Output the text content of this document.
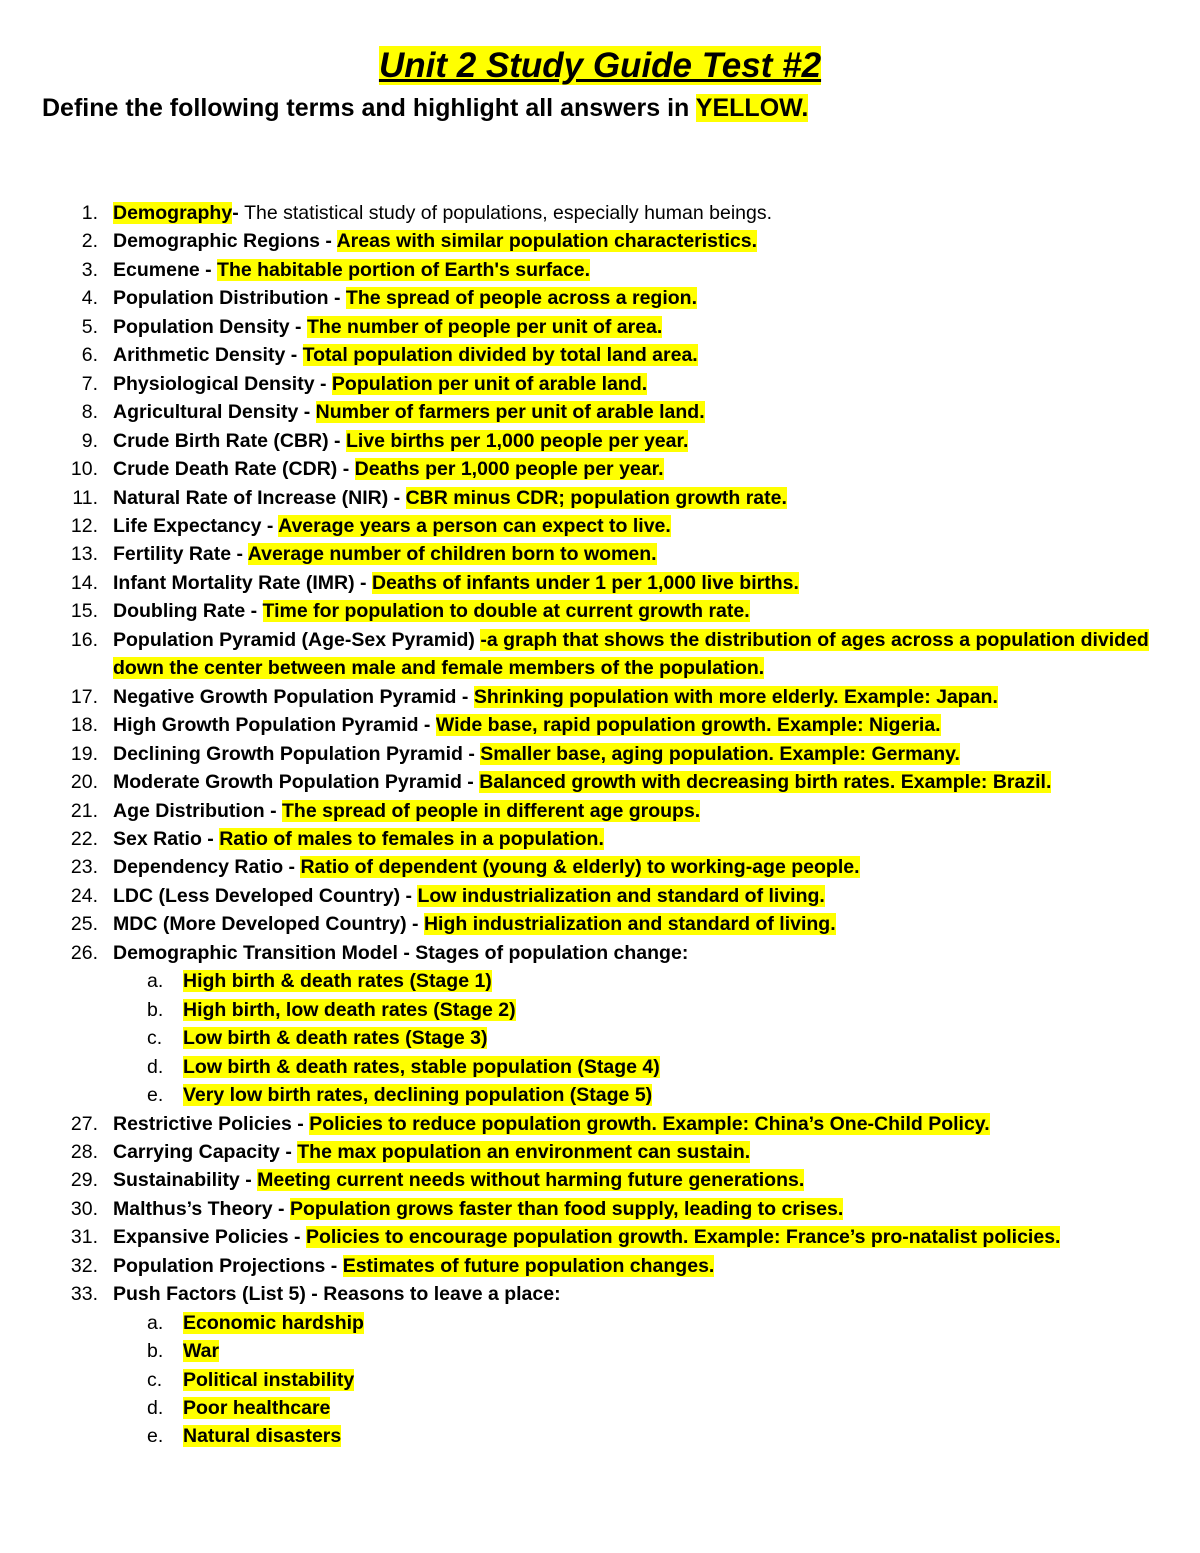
Unit 2 Study Guide Test #2
Define the following terms and highlight all answers in YELLOW.
1. Demography- The statistical study of populations, especially human beings.
2. Demographic Regions - Areas with similar population characteristics.
3. Ecumene - The habitable portion of Earth's surface.
4. Population Distribution - The spread of people across a region.
5. Population Density - The number of people per unit of area.
6. Arithmetic Density - Total population divided by total land area.
7. Physiological Density - Population per unit of arable land.
8. Agricultural Density - Number of farmers per unit of arable land.
9. Crude Birth Rate (CBR) - Live births per 1,000 people per year.
10. Crude Death Rate (CDR) - Deaths per 1,000 people per year.
11. Natural Rate of Increase (NIR) - CBR minus CDR; population growth rate.
12. Life Expectancy - Average years a person can expect to live.
13. Fertility Rate - Average number of children born to women.
14. Infant Mortality Rate (IMR) - Deaths of infants under 1 per 1,000 live births.
15. Doubling Rate - Time for population to double at current growth rate.
16. Population Pyramid (Age-Sex Pyramid) -a graph that shows the distribution of ages across a population divided down the center between male and female members of the population.
17. Negative Growth Population Pyramid - Shrinking population with more elderly. Example: Japan.
18. High Growth Population Pyramid - Wide base, rapid population growth. Example: Nigeria.
19. Declining Growth Population Pyramid - Smaller base, aging population. Example: Germany.
20. Moderate Growth Population Pyramid - Balanced growth with decreasing birth rates. Example: Brazil.
21. Age Distribution - The spread of people in different age groups.
22. Sex Ratio - Ratio of males to females in a population.
23. Dependency Ratio - Ratio of dependent (young & elderly) to working-age people.
24. LDC (Less Developed Country) - Low industrialization and standard of living.
25. MDC (More Developed Country) - High industrialization and standard of living.
26. Demographic Transition Model - Stages of population change:
a. High birth & death rates (Stage 1)
b. High birth, low death rates (Stage 2)
c. Low birth & death rates (Stage 3)
d. Low birth & death rates, stable population (Stage 4)
e. Very low birth rates, declining population (Stage 5)
27. Restrictive Policies - Policies to reduce population growth. Example: China’s One-Child Policy.
28. Carrying Capacity - The max population an environment can sustain.
29. Sustainability - Meeting current needs without harming future generations.
30. Malthus’s Theory - Population grows faster than food supply, leading to crises.
31. Expansive Policies - Policies to encourage population growth. Example: France’s pro-natalist policies.
32. Population Projections - Estimates of future population changes.
33. Push Factors (List 5) - Reasons to leave a place:
a. Economic hardship
b. War
c. Political instability
d. Poor healthcare
e. Natural disasters
